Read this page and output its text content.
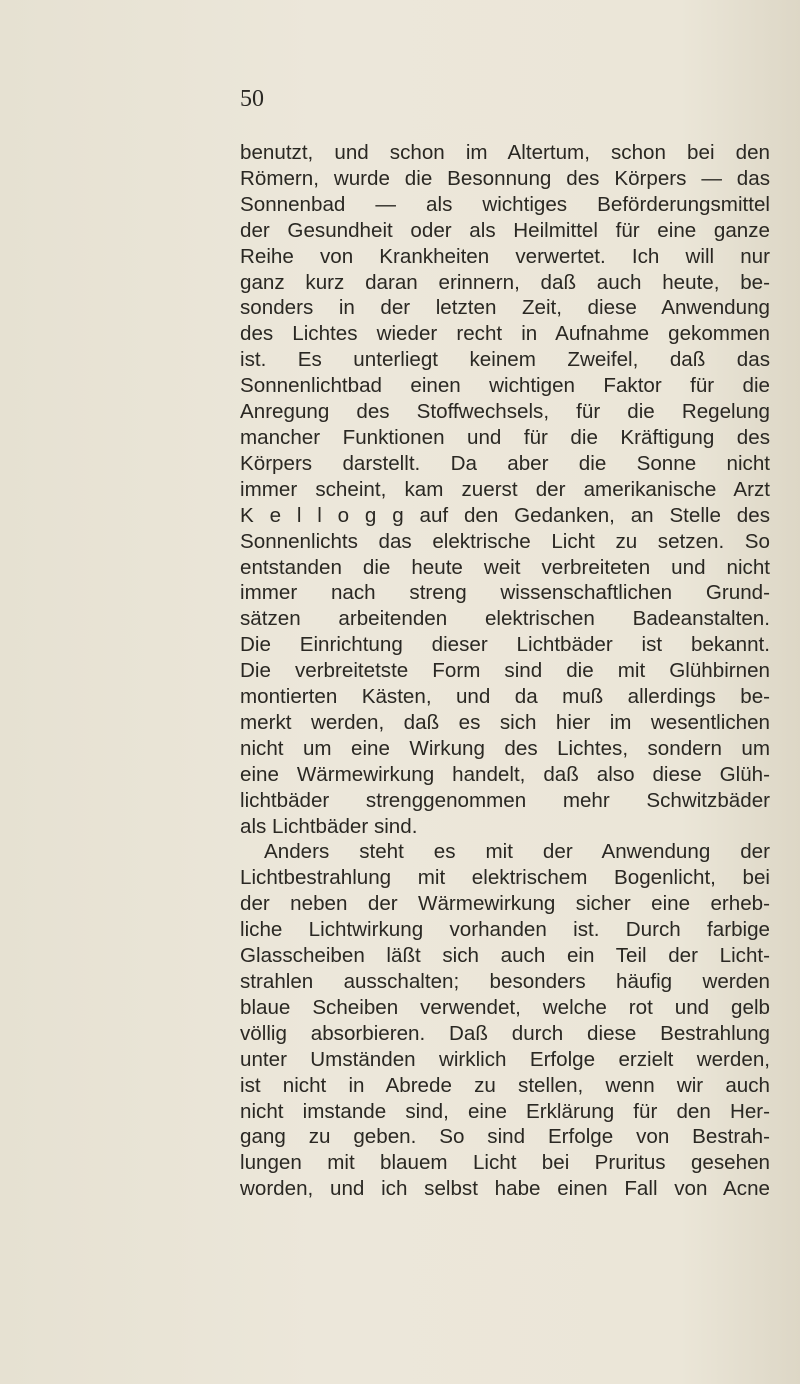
50

benutzt, und schon im Altertum, schon bei den
Römern, wurde die Besonnung des Körpers — das
Sonnenbad — als wichtiges Beförderungsmittel
der Gesundheit oder als Heilmittel für eine ganze
Reihe von Krankheiten verwertet. Ich will nur
ganz kurz daran erinnern, daß auch heute, be-
sonders in der letzten Zeit, diese Anwendung
des Lichtes wieder recht in Aufnahme gekommen
ist. Es unterliegt keinem Zweifel, daß das
Sonnenlichtbad einen wichtigen Faktor für die
Anregung des Stoffwechsels, für die Regelung
mancher Funktionen und für die Kräftigung des
Körpers darstellt. Da aber die Sonne nicht
immer scheint, kam zuerst der amerikanische Arzt
K e l l o g g auf den Gedanken, an Stelle des
Sonnenlichts das elektrische Licht zu setzen. So
entstanden die heute weit verbreiteten und nicht
immer nach streng wissenschaftlichen Grund-
sätzen arbeitenden elektrischen Badeanstalten.
Die Einrichtung dieser Lichtbäder ist bekannt.
Die verbreitetste Form sind die mit Glühbirnen
montierten Kästen, und da muß allerdings be-
merkt werden, daß es sich hier im wesentlichen
nicht um eine Wirkung des Lichtes, sondern um
eine Wärmewirkung handelt, daß also diese Glüh-
lichtbäder strenggenommen mehr Schwitzbäder
als Lichtbäder sind.
Anders steht es mit der Anwendung der
Lichtbestrahlung mit elektrischem Bogenlicht, bei
der neben der Wärmewirkung sicher eine erheb-
liche Lichtwirkung vorhanden ist. Durch farbige
Glasscheiben läßt sich auch ein Teil der Licht-
strahlen ausschalten; besonders häufig werden
blaue Scheiben verwendet, welche rot und gelb
völlig absorbieren. Daß durch diese Bestrahlung
unter Umständen wirklich Erfolge erzielt werden,
ist nicht in Abrede zu stellen, wenn wir auch
nicht imstande sind, eine Erklärung für den Her-
gang zu geben. So sind Erfolge von Bestrah-
lungen mit blauem Licht bei Pruritus gesehen
worden, und ich selbst habe einen Fall von Acne
